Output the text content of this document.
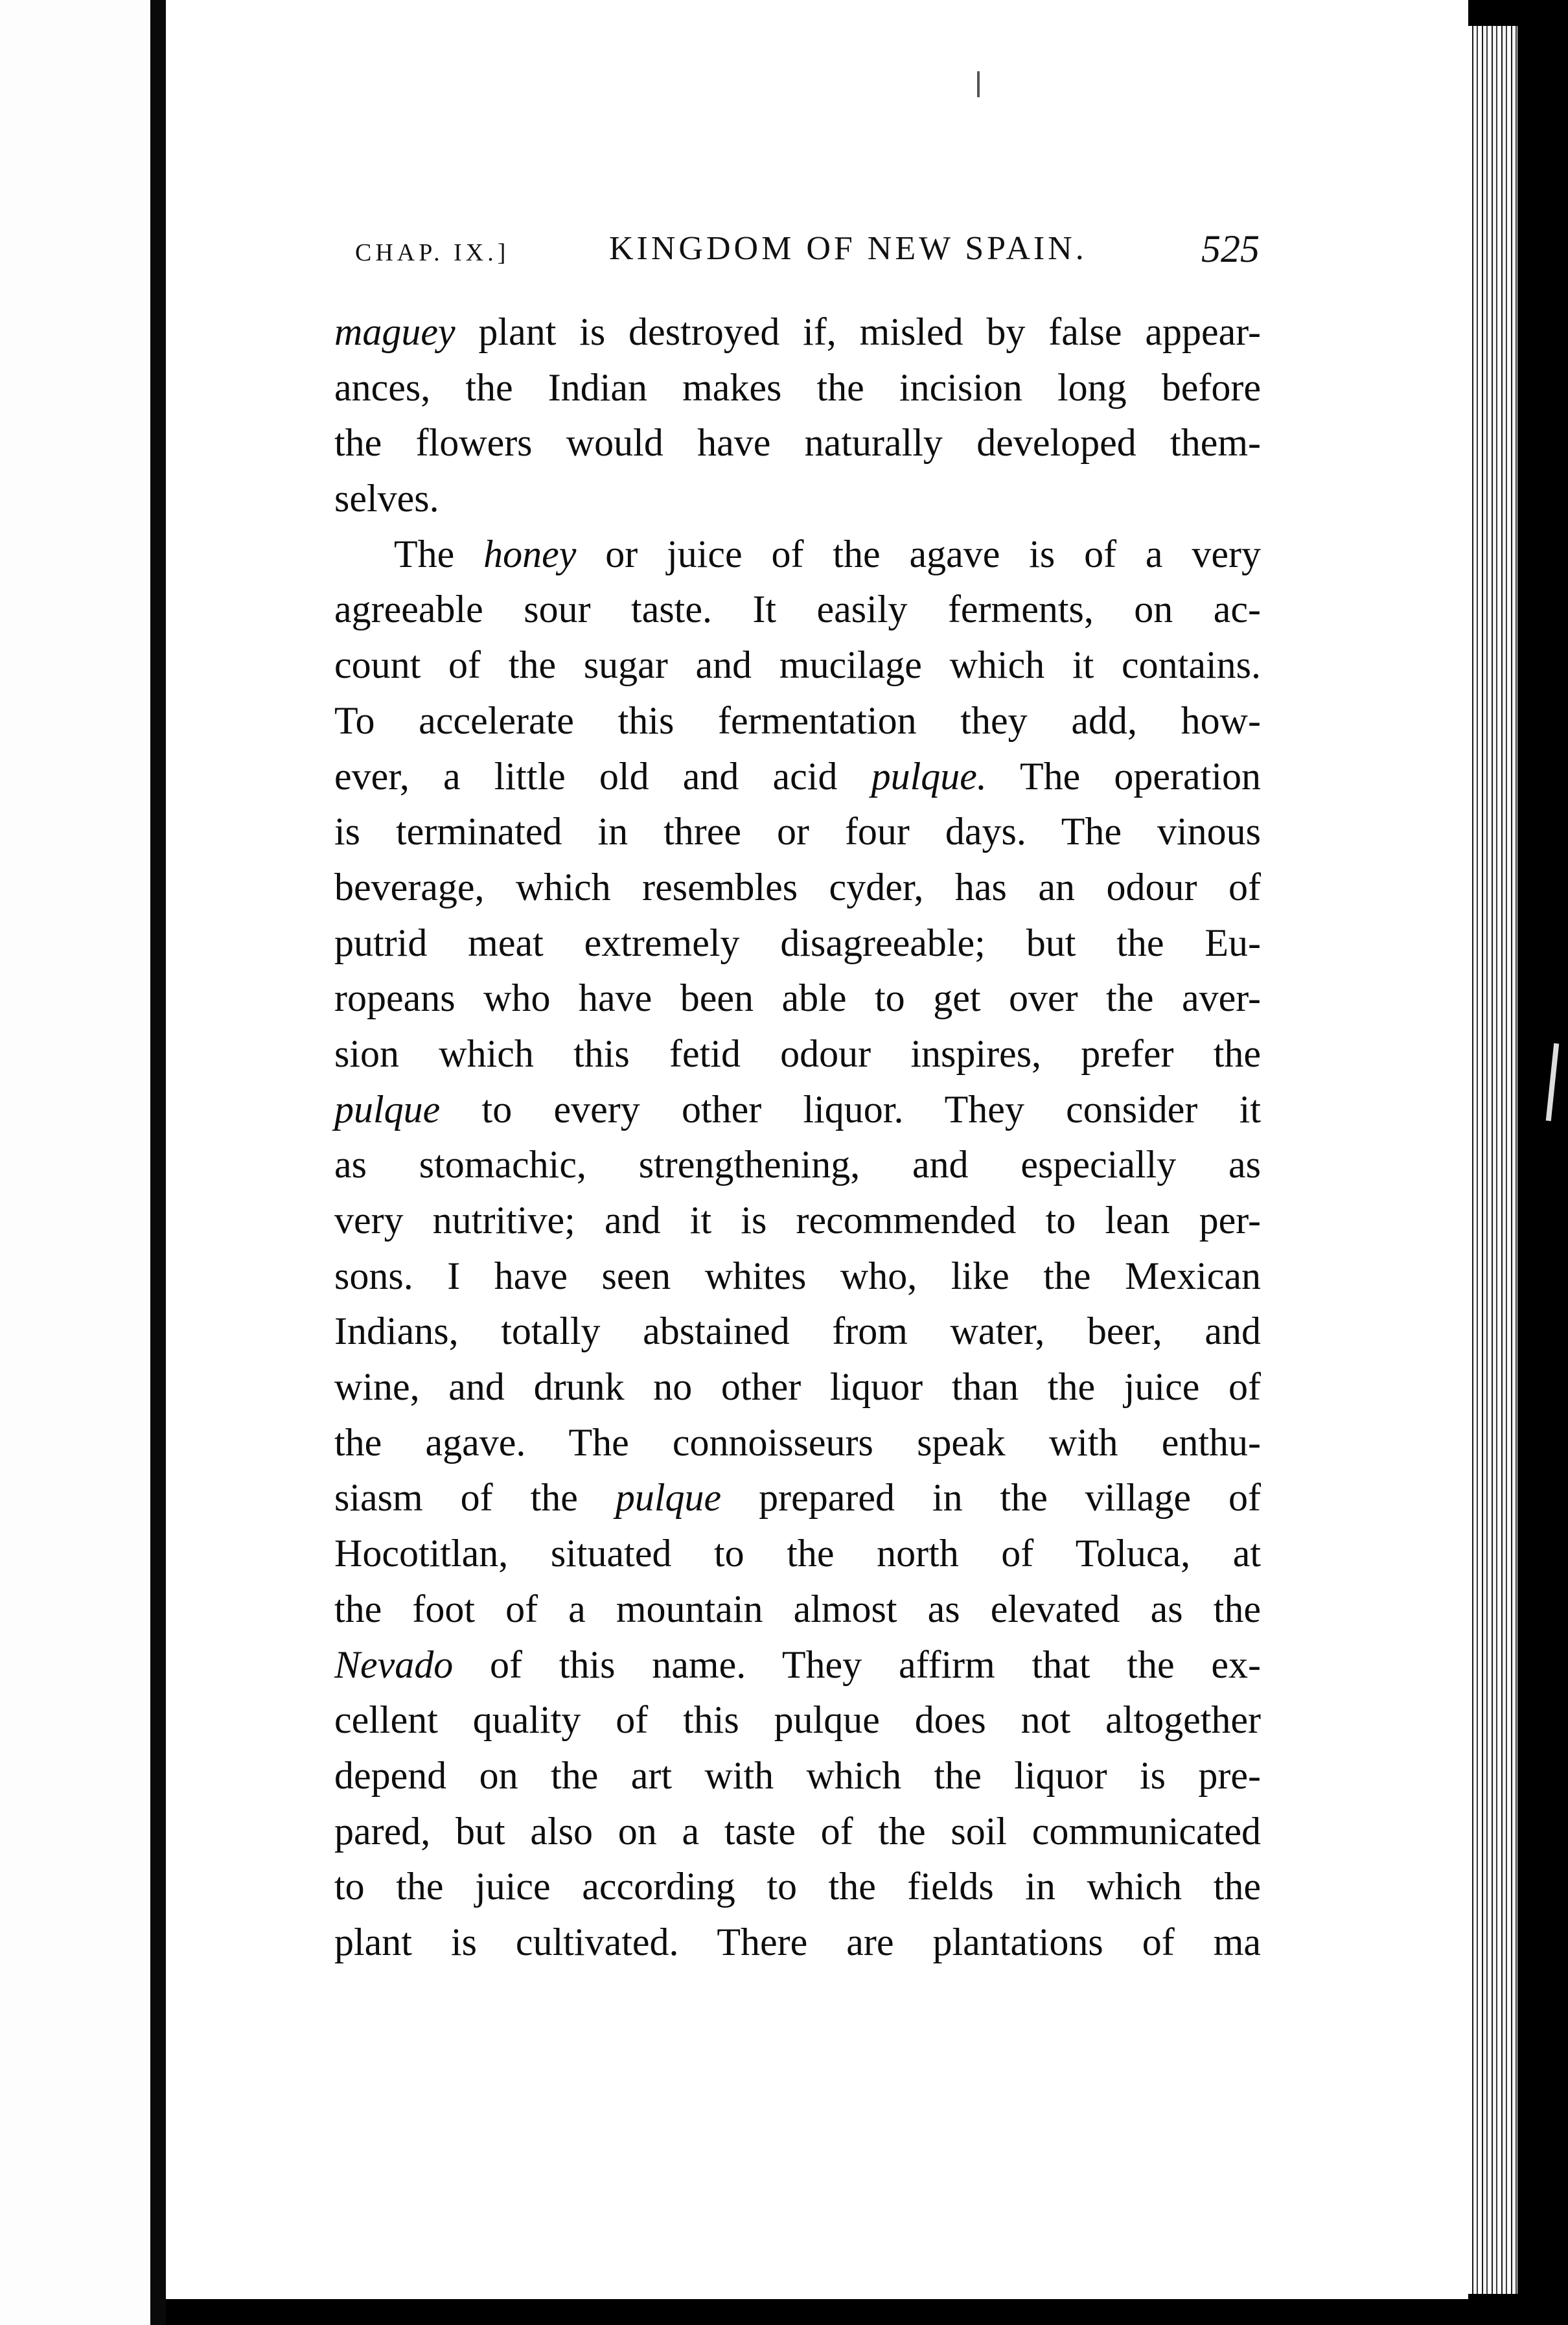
CHAP. IX.]	KINGDOM OF NEW SPAIN.	525
magueу plant is destroyed if, misled by false appear-
ances, the Indian makes the incision long before
the flowers would have naturally developed them-
selves.
The honey or juice of the agave is of a very
agreeable sour taste. It easily ferments, on ac-
count of the sugar and mucilage which it contains.
To accelerate this fermentation they add, how-
ever, a little old and acid pulque. The operation
is terminated in three or four days. The vinous
beverage, which resembles cyder, has an odour of
putrid meat extremely disagreeable; but the Eu-
ropeans who have been able to get over the aver-
sion which this fetid odour inspires, prefer the
pulque to every other liquor. They consider it
as stomachic, strengthening, and especially as
very nutritive; and it is recommended to lean per-
sons. I have seen whites who, like the Mexican
Indians, totally abstained from water, beer, and
wine, and drunk no other liquor than the juice of
the agave. The connoisseurs speak with enthu-
siasm of the pulque prepared in the village of
Hocotitlan, situated to the north of Toluca, at
the foot of a mountain almost as elevated as the
Nevado of this name. They affirm that the ex-
cellent quality of this pulque does not altogether
depend on the art with which the liquor is pre-
pared, but also on a taste of the soil communicated
to the juice according to the fields in which the
plant is cultivated. There are plantations of ma
